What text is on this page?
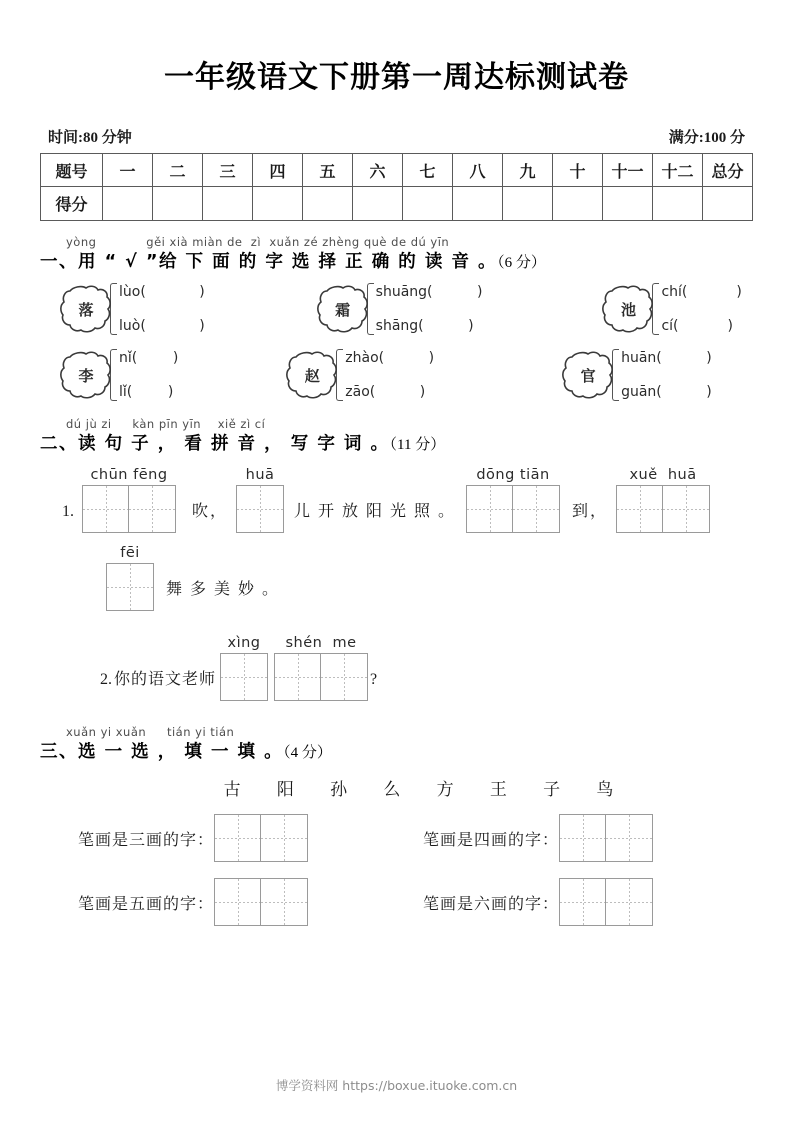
一年级语文下册第一周达标测试卷
时间:80 分钟	满分:100 分
题号	一	二	三	四	五	六	七	八	九	十	十一	十二	总分
得分													
yòng            gěi xià miàn de  zì  xuǎn zé zhèng què de dú yīn
一、用 “ √ ”给 下 面 的 字 选 择 正 确 的 读 音 。（6 分）
落
lùo(            )
luò(            )
霜
shuāng(          )
shāng(          )
池
chí(           )
cí(           )
李
nǐ(        )
lǐ(        )
赵
zhào(          )
zāo(          )
官
huān(          )
guān(          )
dú jù zi     kàn pīn yīn    xiě zì cí
二、读 句 子 ， 看 拼 音 ， 写 字 词 。（11 分）
1.
chūn fēng
吹，
huā
儿 开 放 阳 光 照 。
dōng tiān
到，
xuě  huā
fēi
舞 多 美 妙 。
2. 你的语文老师
xìng	shén  me
?
xuǎn yi xuǎn     tián yi tián
三、选 一 选 ， 填 一 填 。（4 分）
古 阳 孙 么 方 王 子 鸟
笔画是三画的字：	笔画是四画的字：
笔画是五画的字：	笔画是六画的字：
博学资料网 https://boxue.ituoke.com.cn
